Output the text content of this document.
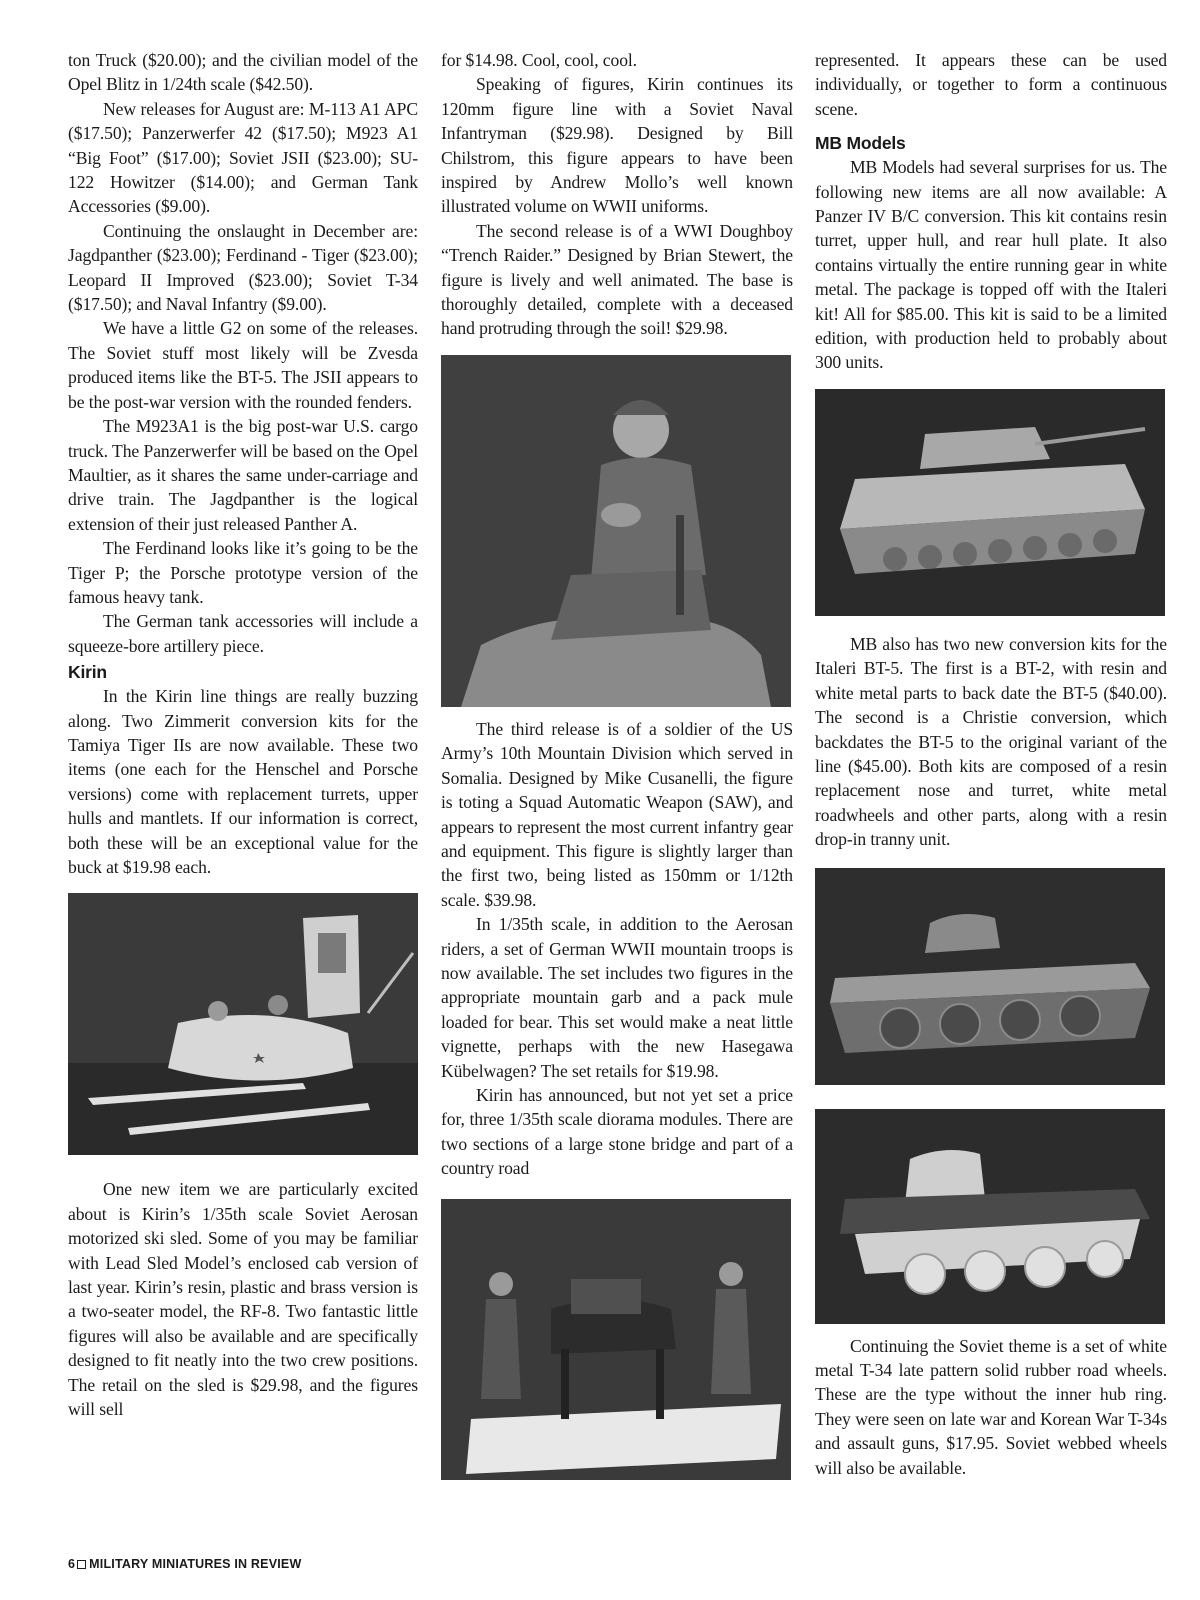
ton Truck ($20.00); and the civilian model of the Opel Blitz in 1/24th scale ($42.50).

New releases for August are: M-113 A1 APC ($17.50); Panzerwerfer 42 ($17.50); M923 A1 “Big Foot” ($17.00); Soviet JSII ($23.00); SU-122 Howitzer ($14.00); and German Tank Accessories ($9.00).

Continuing the onslaught in December are: Jagdpanther ($23.00); Ferdinand - Tiger ($23.00); Leopard II Improved ($23.00); Soviet T-34 ($17.50); and Naval Infantry ($9.00).

We have a little G2 on some of the releases. The Soviet stuff most likely will be Zvesda produced items like the BT-5. The JSII appears to be the post-war version with the rounded fenders.

The M923A1 is the big post-war U.S. cargo truck. The Panzerwerfer will be based on the Opel Maultier, as it shares the same under-carriage and drive train. The Jagdpanther is the logical extension of their just released Panther A.

The Ferdinand looks like it’s going to be the Tiger P; the Porsche prototype version of the famous heavy tank.

The German tank accessories will include a squeeze-bore artillery piece.

Kirin

In the Kirin line things are really buzzing along. Two Zimmerit conversion kits for the Tamiya Tiger IIs are now available. These two items (one each for the Henschel and Porsche versions) come with replacement turrets, upper hulls and mantlets. If our information is correct, both these will be an exceptional value for the buck at $19.98 each.

One new item we are particularly excited about is Kirin’s 1/35th scale Soviet Aerosan motorized ski sled. Some of you may be familiar with Lead Sled Model’s enclosed cab version of last year. Kirin’s resin, plastic and brass version is a two-seater model, the RF-8. Two fantastic little figures will also be available and are specifically designed to fit neatly into the two crew positions. The retail on the sled is $29.98, and the figures will sell

for $14.98. Cool, cool, cool.

Speaking of figures, Kirin continues its 120mm figure line with a Soviet Naval Infantryman ($29.98). Designed by Bill Chilstrom, this figure appears to have been inspired by Andrew Mollo’s well known illustrated volume on WWII uniforms.

The second release is of a WWI Doughboy “Trench Raider.” Designed by Brian Stewert, the figure is lively and well animated. The base is thoroughly detailed, complete with a deceased hand protruding through the soil! $29.98.

The third release is of a soldier of the US Army’s 10th Mountain Division which served in Somalia. Designed by Mike Cusanelli, the figure is toting a Squad Automatic Weapon (SAW), and appears to represent the most current infantry gear and equipment. This figure is slightly larger than the first two, being listed as 150mm or 1/12th scale. $39.98.

In 1/35th scale, in addition to the Aerosan riders, a set of German WWII mountain troops is now available. The set includes two figures in the appropriate mountain garb and a pack mule loaded for bear. This set would make a neat little vignette, perhaps with the new Hasegawa Kübelwagen? The set retails for $19.98.

Kirin has announced, but not yet set a price for, three 1/35th scale diorama modules. There are two sections of a large stone bridge and part of a country road

represented. It appears these can be used individually, or together to form a continuous scene.

MB Models

MB Models had several surprises for us. The following new items are all now available: A Panzer IV B/C conversion. This kit contains resin turret, upper hull, and rear hull plate. It also contains virtually the entire running gear in white metal. The package is topped off with the Italeri kit! All for $85.00. This kit is said to be a limited edition, with production held to probably about 300 units.

MB also has two new conversion kits for the Italeri BT-5. The first is a BT-2, with resin and white metal parts to back date the BT-5 ($40.00). The second is a Christie conversion, which backdates the BT-5 to the original variant of the line ($45.00). Both kits are composed of a resin replacement nose and turret, white metal roadwheels and other parts, along with a resin drop-in tranny unit.

Continuing the Soviet theme is a set of white metal T-34 late pattern solid rubber road wheels. These are the type without the inner hub ring. They were seen on late war and Korean War T-34s and assault guns, $17.95. Soviet webbed wheels will also be available.

6 MILITARY MINIATURES IN REVIEW
